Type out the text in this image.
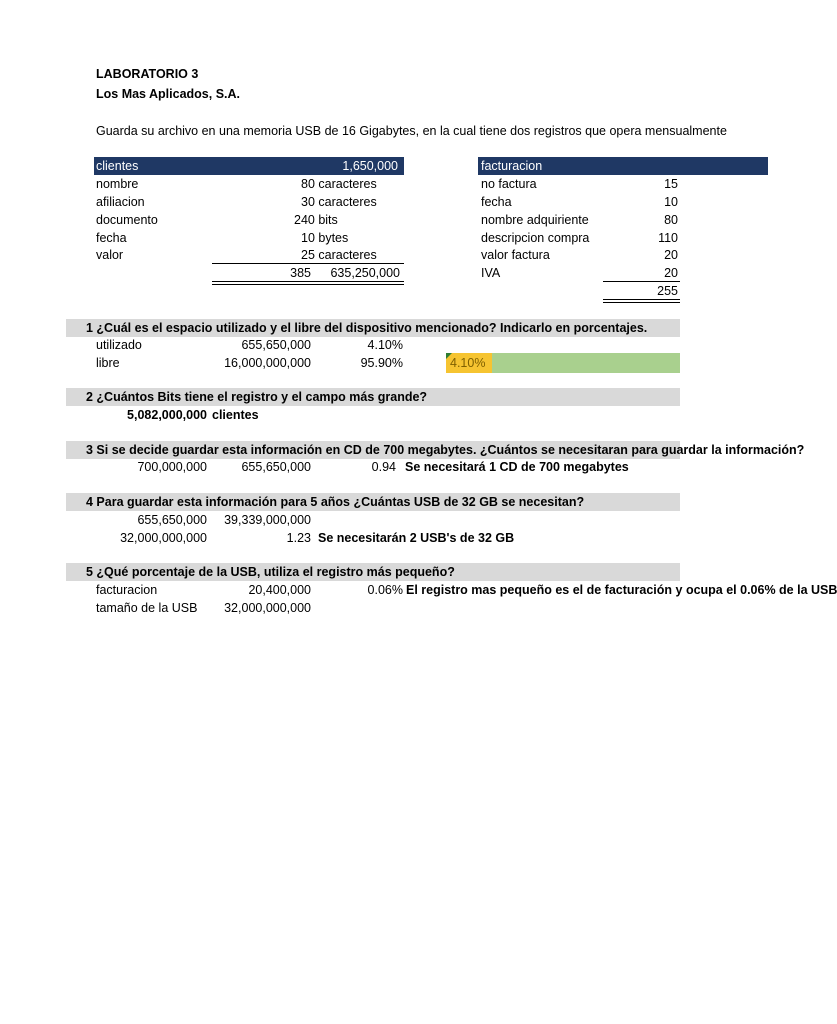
LABORATORIO 3
Los Mas Aplicados, S.A.
Guarda su archivo en una memoria USB de 16 Gigabytes, en la cual tiene dos registros que opera mensualmente
clientes	1,650,000
nombre	80 caracteres
afiliacion	30 caracteres
documento	240 bits
fecha	10 bytes
valor	25 caracteres
385	635,250,000
facturacion
no factura	15
fecha	10
nombre adquiriente	80
descripcion compra	110
valor factura	20
IVA	20
255
1 ¿Cuál es el espacio utilizado y el libre del dispositivo mencionado? Indicarlo en porcentajes.
utilizado	655,650,000	4.10%
libre	16,000,000,000	95.90%	4.10%
2 ¿Cuántos Bits tiene el registro y el campo más grande?
5,082,000,000 clientes
3 Si se decide guardar esta información en CD de 700 megabytes. ¿Cuántos se necesitaran para guardar la información?
700,000,000	655,650,000	0.94 Se necesitará 1 CD de 700 megabytes
4 Para guardar esta información para 5 años ¿Cuántas USB de 32 GB se necesitan?
655,650,000	39,339,000,000
32,000,000,000	1.23 Se necesitarán 2 USB's de 32 GB
5 ¿Qué porcentaje de la USB, utiliza el registro más pequeño?
facturacion	20,400,000	0.06% El registro mas pequeño es el de facturación y ocupa el 0.06% de la USB
tamaño de la USB	32,000,000,000
